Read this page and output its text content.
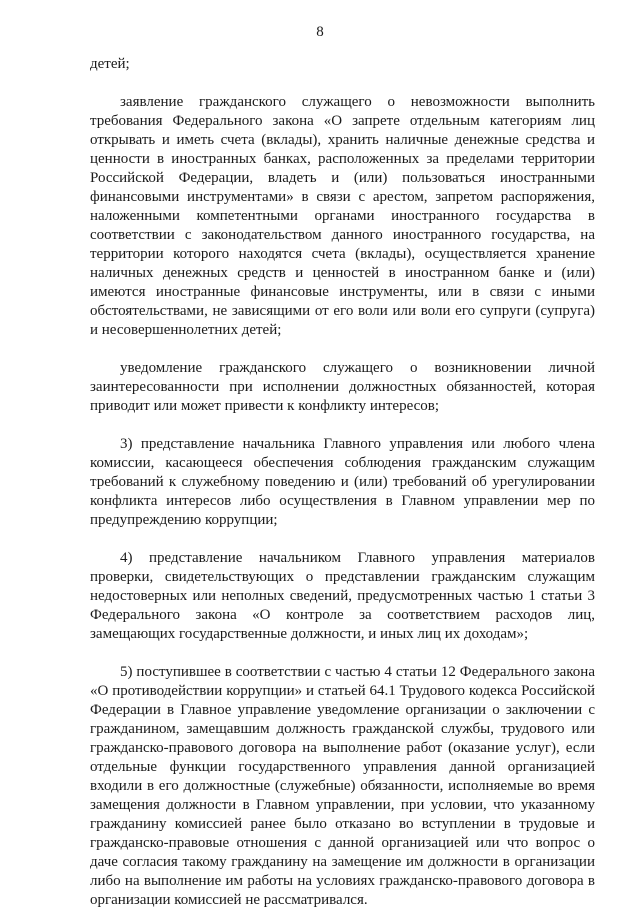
8

детей;

заявление гражданского служащего о невозможности выполнить требования Федерального закона «О запрете отдельным категориям лиц открывать и иметь счета (вклады), хранить наличные денежные средства и ценности в иностранных банках, расположенных за пределами территории Российской Федерации, владеть и (или) пользоваться иностранными финансовыми инструментами» в связи с арестом, запретом распоряжения, наложенными компетентными органами иностранного государства в соответствии с законодательством данного иностранного государства, на территории которого находятся счета (вклады), осуществляется хранение наличных денежных средств и ценностей в иностранном банке и (или) имеются иностранные финансовые инструменты, или в связи с иными обстоятельствами, не зависящими от его воли или воли его супруги (супруга) и несовершеннолетних детей;

уведомление гражданского служащего о возникновении личной заинтересованности при исполнении должностных обязанностей, которая приводит или может привести к конфликту интересов;

3) представление начальника Главного управления или любого члена комиссии, касающееся обеспечения соблюдения гражданским служащим требований к служебному поведению и (или) требований об урегулировании конфликта интересов либо осуществления в Главном управлении мер по предупреждению коррупции;

4) представление начальником Главного управления материалов проверки, свидетельствующих о представлении гражданским служащим недостоверных или неполных сведений, предусмотренных частью 1 статьи 3 Федерального закона «О контроле за соответствием расходов лиц, замещающих государственные должности, и иных лиц их доходам»;

5) поступившее в соответствии с частью 4 статьи 12 Федерального закона «О противодействии коррупции» и статьей 64.1 Трудового кодекса Российской Федерации в Главное управление уведомление организации о заключении с гражданином, замещавшим должность гражданской службы, трудового или гражданско-правового договора на выполнение работ (оказание услуг), если отдельные функции государственного управления данной организацией входили в его должностные (служебные) обязанности, исполняемые во время замещения должности в Главном управлении, при условии, что указанному гражданину комиссией ранее было отказано во вступлении в трудовые и гражданско-правовые отношения с данной организацией или что вопрос о даче согласия такому гражданину на замещение им должности в организации либо на выполнение им работы на условиях гражданско-правового договора в организации комиссией не рассматривался.
